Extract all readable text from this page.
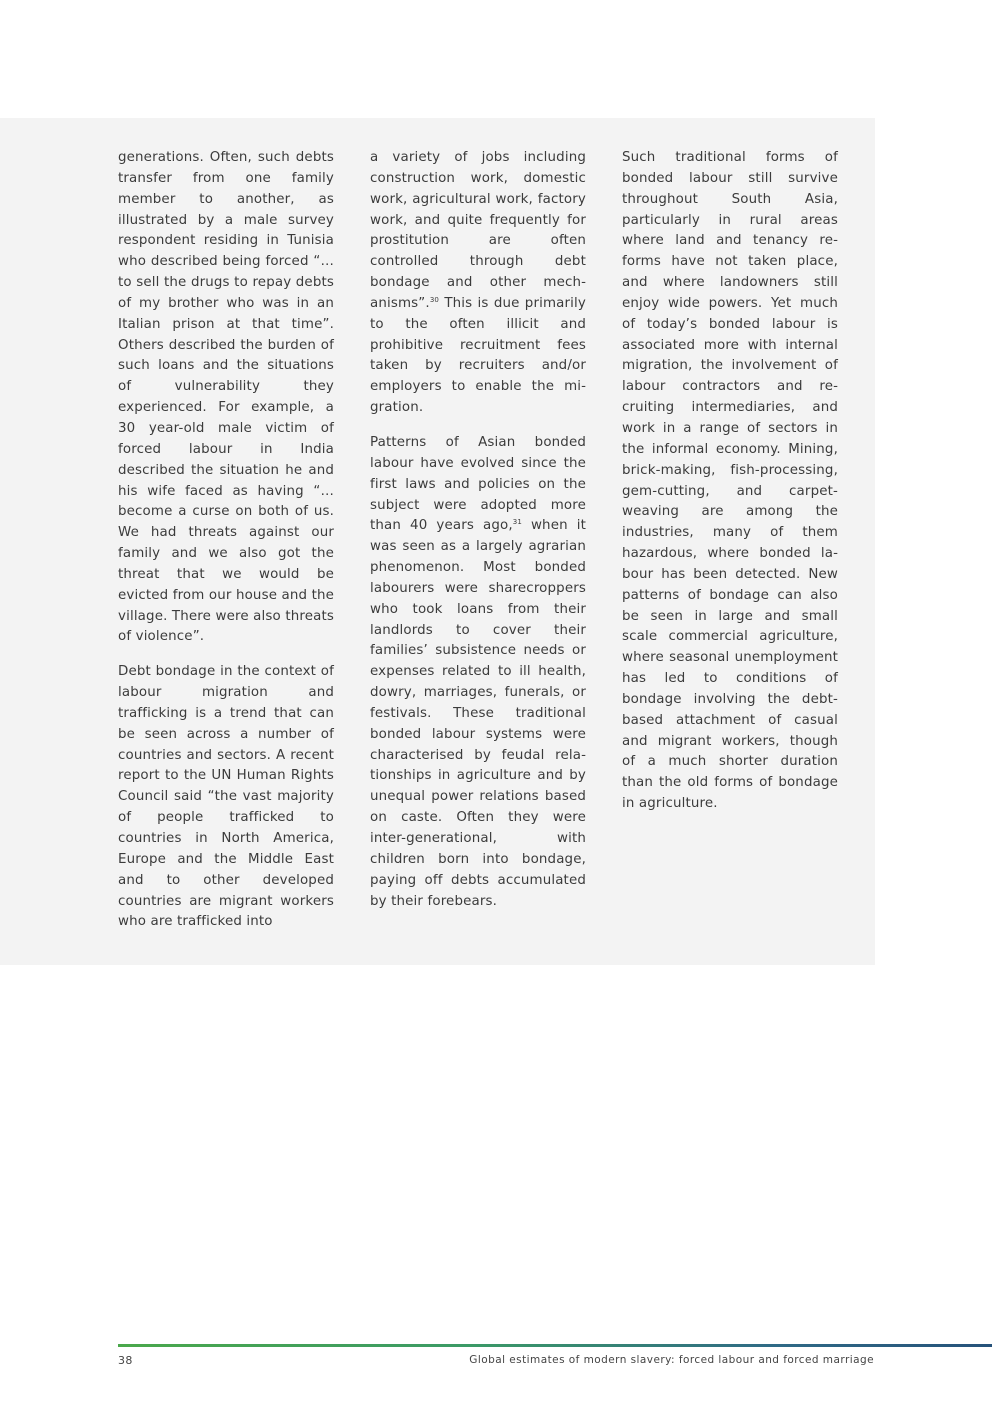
generations. Often, such debts transfer from one family member to another, as illustrated by a male survey respondent residing in Tunisia who described being forced “…to sell the drugs to repay debts of my brother who was in an Italian prison at that time”. Others described the burden of such loans and the situations of vulnerability they experienced. For example, a 30 year-old male victim of forced labour in India described the situation he and his wife faced as having “…become a curse on both of us. We had threats against our family and we also got the threat that we would be evicted from our house and the village. There were also threats of violence”.

Debt bondage in the context of labour migration and trafficking is a trend that can be seen across a number of countries and sectors. A recent report to the UN Human Rights Council said “the vast majority of people trafficked to countries in North America, Europe and the Middle East and to other developed countries are migrant workers who are trafficked into

a variety of jobs including construction work, domestic work, agricultural work, factory work, and quite frequently for prostitution are often controlled through debt bondage and other mechanisms”.$^{30}$ This is due primarily to the often illicit and prohibitive recruitment fees taken by recruiters and/or employers to enable the migration.

Patterns of Asian bonded labour have evolved since the first laws and policies on the subject were adopted more than 40 years ago,$^{31}$ when it was seen as a largely agrarian phenomenon. Most bonded labourers were sharecroppers who took loans from their landlords to cover their families’ subsistence needs or expenses related to ill health, dowry, marriages, funerals, or festivals. These traditional bonded labour systems were characterised by feudal relationships in agriculture and by unequal power relations based on caste. Often they were inter-generational, with children born into bondage, paying off debts accumulated by their forebears.

Such traditional forms of bonded labour still survive throughout South Asia, particularly in rural areas where land and tenancy reforms have not taken place, and where landowners still enjoy wide powers. Yet much of today’s bonded labour is associated more with internal migration, the involvement of labour contractors and recruiting intermediaries, and work in a range of sectors in the informal economy. Mining, brick-making, fish-processing, gem-cutting, and carpet-weaving are among the industries, many of them hazardous, where bonded labour has been detected. New patterns of bondage can also be seen in large and small scale commercial agriculture, where seasonal unemployment has led to conditions of bondage involving the debt-based attachment of casual and migrant workers, though of a much shorter duration than the old forms of bondage in agriculture.

38	Global estimates of modern slavery: forced labour and forced marriage
